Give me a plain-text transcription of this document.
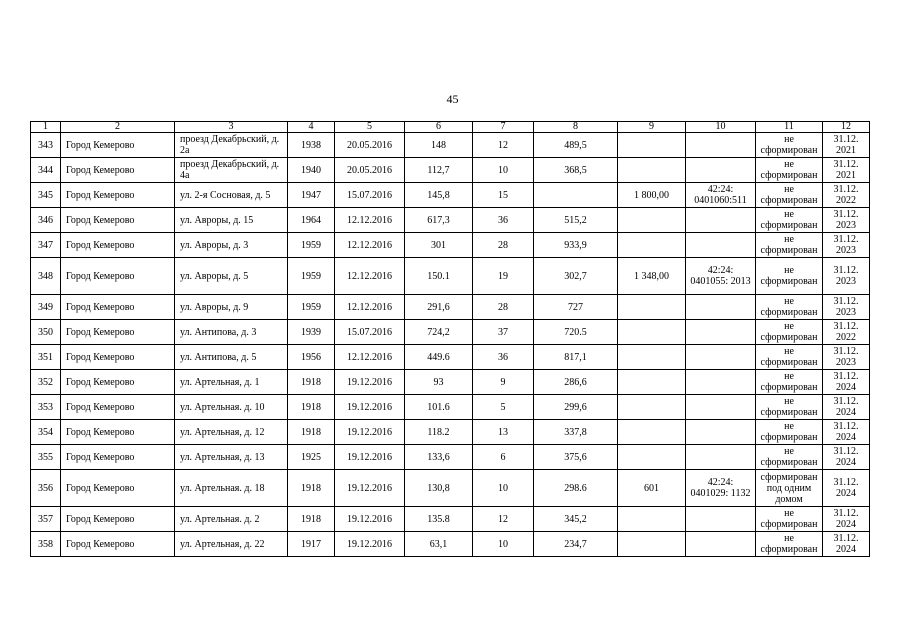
45
1	2	3	4	5	6	7	8	9	10	11	12
343	Город Кемерово	проезд Декабрьский, д. 2а	1938	20.05.2016	148	12	489,5			не сформирован	31.12. 2021
344	Город Кемерово	проезд Декабрьский, д. 4а	1940	20.05.2016	112,7	10	368,5			не сформирован	31.12. 2021
345	Город Кемерово	ул. 2-я Сосновая, д. 5	1947	15.07.2016	145,8	15		1 800,00	42:24: 0401060:511	не сформирован	31.12. 2022
346	Город Кемерово	ул. Авроры, д. 15	1964	12.12.2016	617,3	36	515,2			не сформирован	31.12. 2023
347	Город Кемерово	ул. Авроры, д. 3	1959	12.12.2016	301	28	933,9			не сформирован	31.12. 2023
348	Город Кемерово	ул. Авроры, д. 5	1959	12.12.2016	150.1	19	302,7	1 348,00	42:24: 0401055: 2013	не сформирован	31.12. 2023
349	Город Кемерово	ул. Авроры, д. 9	1959	12.12.2016	291,6	28	727			не сформирован	31.12. 2023
350	Город Кемерово	ул. Антипова, д. 3	1939	15.07.2016	724,2	37	720.5			не сформирован	31.12. 2022
351	Город Кемерово	ул. Антипова, д. 5	1956	12.12.2016	449.6	36	817,1			не сформирован	31.12. 2023
352	Город Кемерово	ул. Артельная, д. 1	1918	19.12.2016	93	9	286,6			не сформирован	31.12. 2024
353	Город Кемерово	ул. Артельная. д. 10	1918	19.12.2016	101.6	5	299,6			не сформирован	31.12. 2024
354	Город Кемерово	ул. Артельная, д. 12	1918	19.12.2016	118.2	13	337,8			не сформирован	31.12. 2024
355	Город Кемерово	ул. Артельная, д. 13	1925	19.12.2016	133,6	6	375,6			не сформирован	31.12. 2024
356	Город Кемерово	ул. Артельная. д. 18	1918	19.12.2016	130,8	10	298.6	601	42:24: 0401029: 1132	сформирован под одним домом	31.12. 2024
357	Город Кемерово	ул. Артельная. д. 2	1918	19.12.2016	135.8	12	345,2			не сформирован	31.12. 2024
358	Город Кемерово	ул. Артельная, д. 22	1917	19.12.2016	63,1	10	234,7			не сформирован	31.12. 2024
